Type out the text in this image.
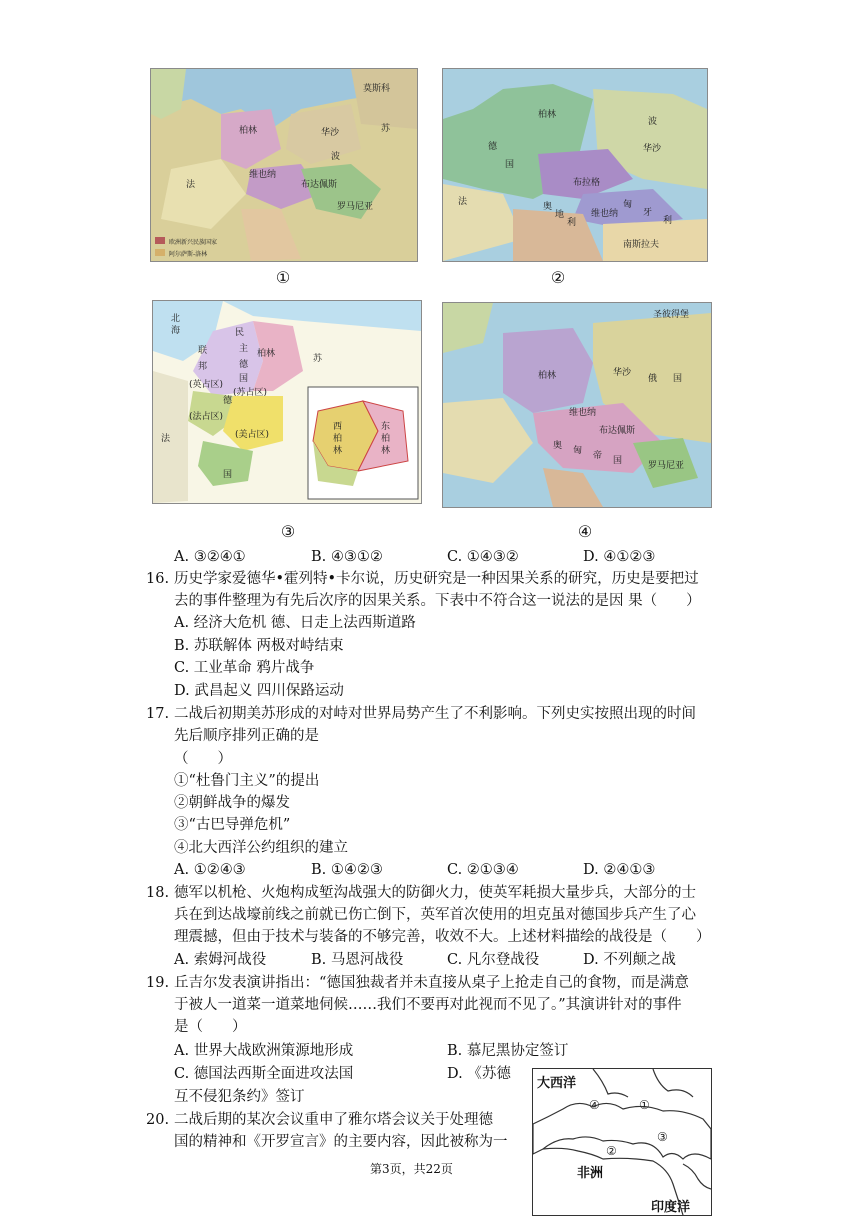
莫斯科
柏林	华沙
维也纳
布达佩斯
法
苏
波
罗马尼亚
欧洲新兴民族国家
阿尔萨斯-洛林
①
柏林
华沙
布拉格
维也纳
德
国
法
波
匈
牙
利
奥
地
利
南斯拉夫
②
柏林
民
主
德
国
联
邦
德
国
(英占区)
(苏占区)
(法占区)
(美占区)
法
苏
西
柏
林
东
柏
林
北
海
③
柏林	华沙
俄 国
维也纳
布达佩斯
奥 匈 帝 国	罗马尼亚
圣彼得堡
④
A. ③②④①	B. ④③①②	C. ①④③②	D. ④①②③
16. 历史学家爱德华•霍列特•卡尔说，历史研究是一种因果关系的研究，历史是要把过
去的事件整理为有先后次序的因果关系。下表中不符合这一说法的是因 果（　　）
A. 经济大危机 德、日走上法西斯道路
B. 苏联解体 两极对峙结束
C. 工业革命 鸦片战争
D. 武昌起义 四川保路运动
17. 二战后初期美苏形成的对峙对世界局势产生了不利影响。下列史实按照出现的时间
先后顺序排列正确的是
（　　）
①“杜鲁门主义”的提出
②朝鲜战争的爆发
③“古巴导弹危机”
④北大西洋公约组织的建立
A. ①②④③	B. ①④②③	C. ②①③④	D. ②④①③
18. 德军以机枪、火炮构成堑沟战强大的防御火力，使英军耗损大量步兵，大部分的士
兵在到达战壕前线之前就已伤亡倒下，英军首次使用的坦克虽对德国步兵产生了心
理震撼，但由于技术与装备的不够完善，收效不大。上述材料描绘的战役是（　　）
A. 索姆河战役	B. 马恩河战役	C. 凡尔登战役	D. 不列颠之战
19. 丘吉尔发表演讲指出：“德国独裁者并未直接从桌子上抢走自己的食物，而是满意
于被人一道菜一道菜地伺候……我们不要再对此视而不见了。”其演讲针对的事件
是（　　）
A. 世界大战欧洲策源地形成	B. 慕尼黑协定签订
C. 德国法西斯全面进攻法国	D. 《苏德
互不侵犯条约》签订
20. 二战后期的某次会议重申了雅尔塔会议关于处理德
国的精神和《开罗宣言》的主要内容，因此被称为一
大西洋
①
②
③
④
非洲
印度洋
第3页，共22页
